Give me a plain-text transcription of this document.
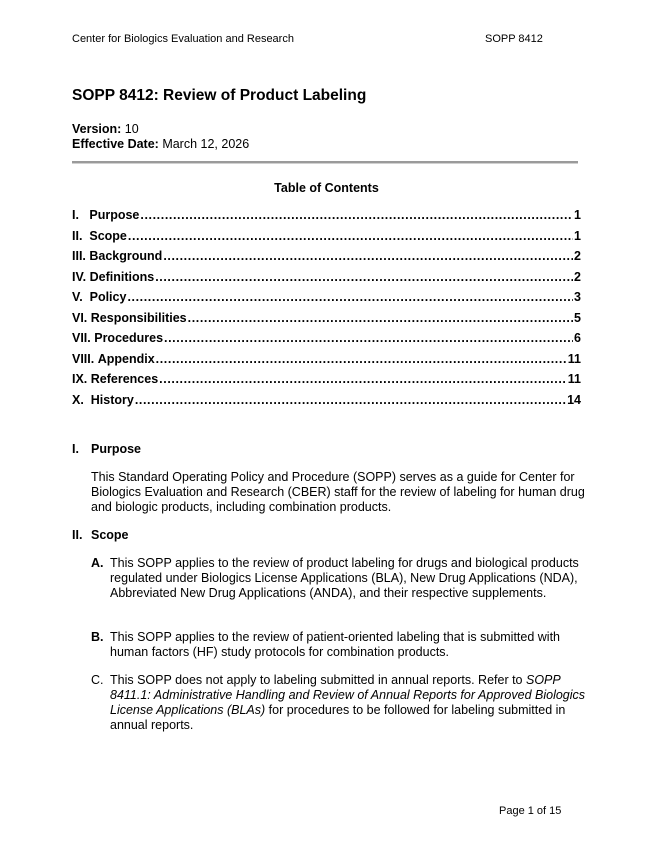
Center for Biologics Evaluation and Research	SOPP 8412
SOPP 8412: Review of Product Labeling
Version: 10
Effective Date: March 12, 2026
Table of Contents
I. Purpose .....	1
II. Scope .....	1
III. Background .....	2
IV. Definitions .....	2
V. Policy .....	3
VI. Responsibilities .....	5
VII. Procedures .....	6
VIII. Appendix .....	11
IX. References .....	11
X. History .....	14
I. Purpose
This Standard Operating Policy and Procedure (SOPP) serves as a guide for Center for Biologics Evaluation and Research (CBER) staff for the review of labeling for human drug and biologic products, including combination products.
II. Scope
A. This SOPP applies to the review of product labeling for drugs and biological products regulated under Biologics License Applications (BLA), New Drug Applications (NDA), Abbreviated New Drug Applications (ANDA), and their respective supplements.
B. This SOPP applies to the review of patient-oriented labeling that is submitted with human factors (HF) study protocols for combination products.
C. This SOPP does not apply to labeling submitted in annual reports. Refer to SOPP 8411.1: Administrative Handling and Review of Annual Reports for Approved Biologics License Applications (BLAs) for procedures to be followed for labeling submitted in annual reports.
Page 1 of 15
